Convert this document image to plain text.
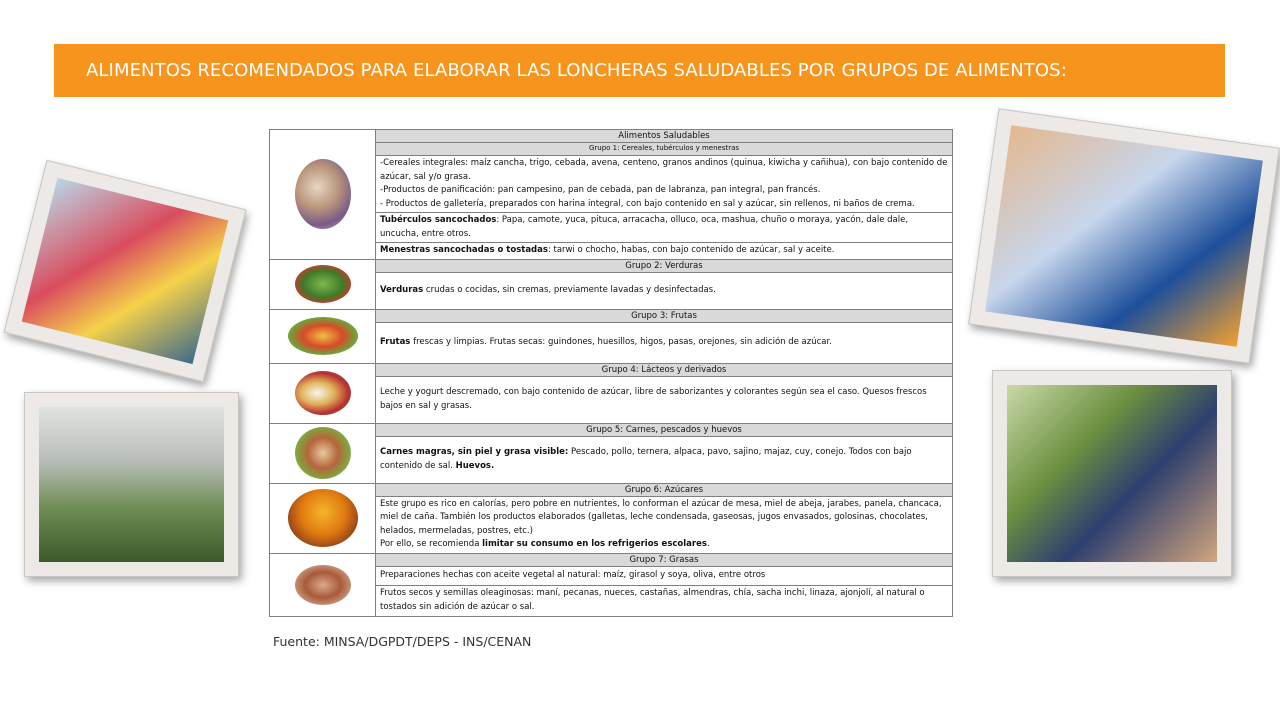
ALIMENTOS RECOMENDADOS PARA ELABORAR LAS LONCHERAS SALUDABLES POR GRUPOS DE ALIMENTOS:
	Alimentos Saludables
	Grupo 1: Cereales, tubérculos y menestras

	-Cereales integrales: maíz cancha, trigo, cebada, avena, centeno, granos andinos (quinua, kiwicha y cañihua), con bajo contenido de azúcar, sal y/o grasa.
-Productos de panificación: pan campesino, pan de cebada, pan de labranza, pan integral, pan francés.
- Productos de galletería, preparados con harina integral, con bajo contenido en sal y azúcar, sin rellenos, ni baños de crema.

	Tubérculos sancochados: Papa, camote, yuca, pituca, arracacha, olluco, oca, mashua, chuño o moraya, yacón, dale dale, uncucha, entre otros.
	Menestras sancochadas o tostadas: tarwi o chocho, habas, con bajo contenido de azúcar, sal y aceite.
	Grupo 2: Verduras
	Verduras crudas o cocidas, sin cremas, previamente lavadas y desinfectadas.
	Grupo 3: Frutas
	Frutas frescas y limpias. Frutas secas: guindones, huesillos, higos, pasas, orejones, sin adición de azúcar.
	Grupo 4: Lácteos y derivados
	Leche y yogurt descremado, con bajo contenido de azúcar, libre de saborizantes y colorantes según sea el caso. Quesos frescos bajos en sal y grasas.
	Grupo 5: Carnes, pescados y huevos
	Carnes magras, sin piel y grasa visible: Pescado, pollo, ternera, alpaca, pavo, sajino, majaz, cuy, conejo. Todos con bajo contenido de sal. Huevos.
	Grupo 6: Azúcares

	Este grupo es rico en calorías, pero pobre en nutrientes, lo conforman el azúcar de mesa, miel de abeja, jarabes, panela, chancaca, miel de caña. También los productos elaborados (galletas, leche condensada, gaseosas, jugos envasados, golosinas, chocolates, helados, mermeladas, postres, etc.)
Por ello, se recomienda limitar su consumo en los refrigerios escolares.

	Grupo 7: Grasas
	Preparaciones hechas con aceite vegetal al natural: maíz, girasol y soya, oliva, entre otros
	Frutos secos y semillas oleaginosas: maní, pecanas, nueces, castañas, almendras, chía, sacha inchi, linaza, ajonjolí, al natural o tostados sin adición de azúcar o sal.
Fuente: MINSA/DGPDT/DEPS - INS/CENAN
